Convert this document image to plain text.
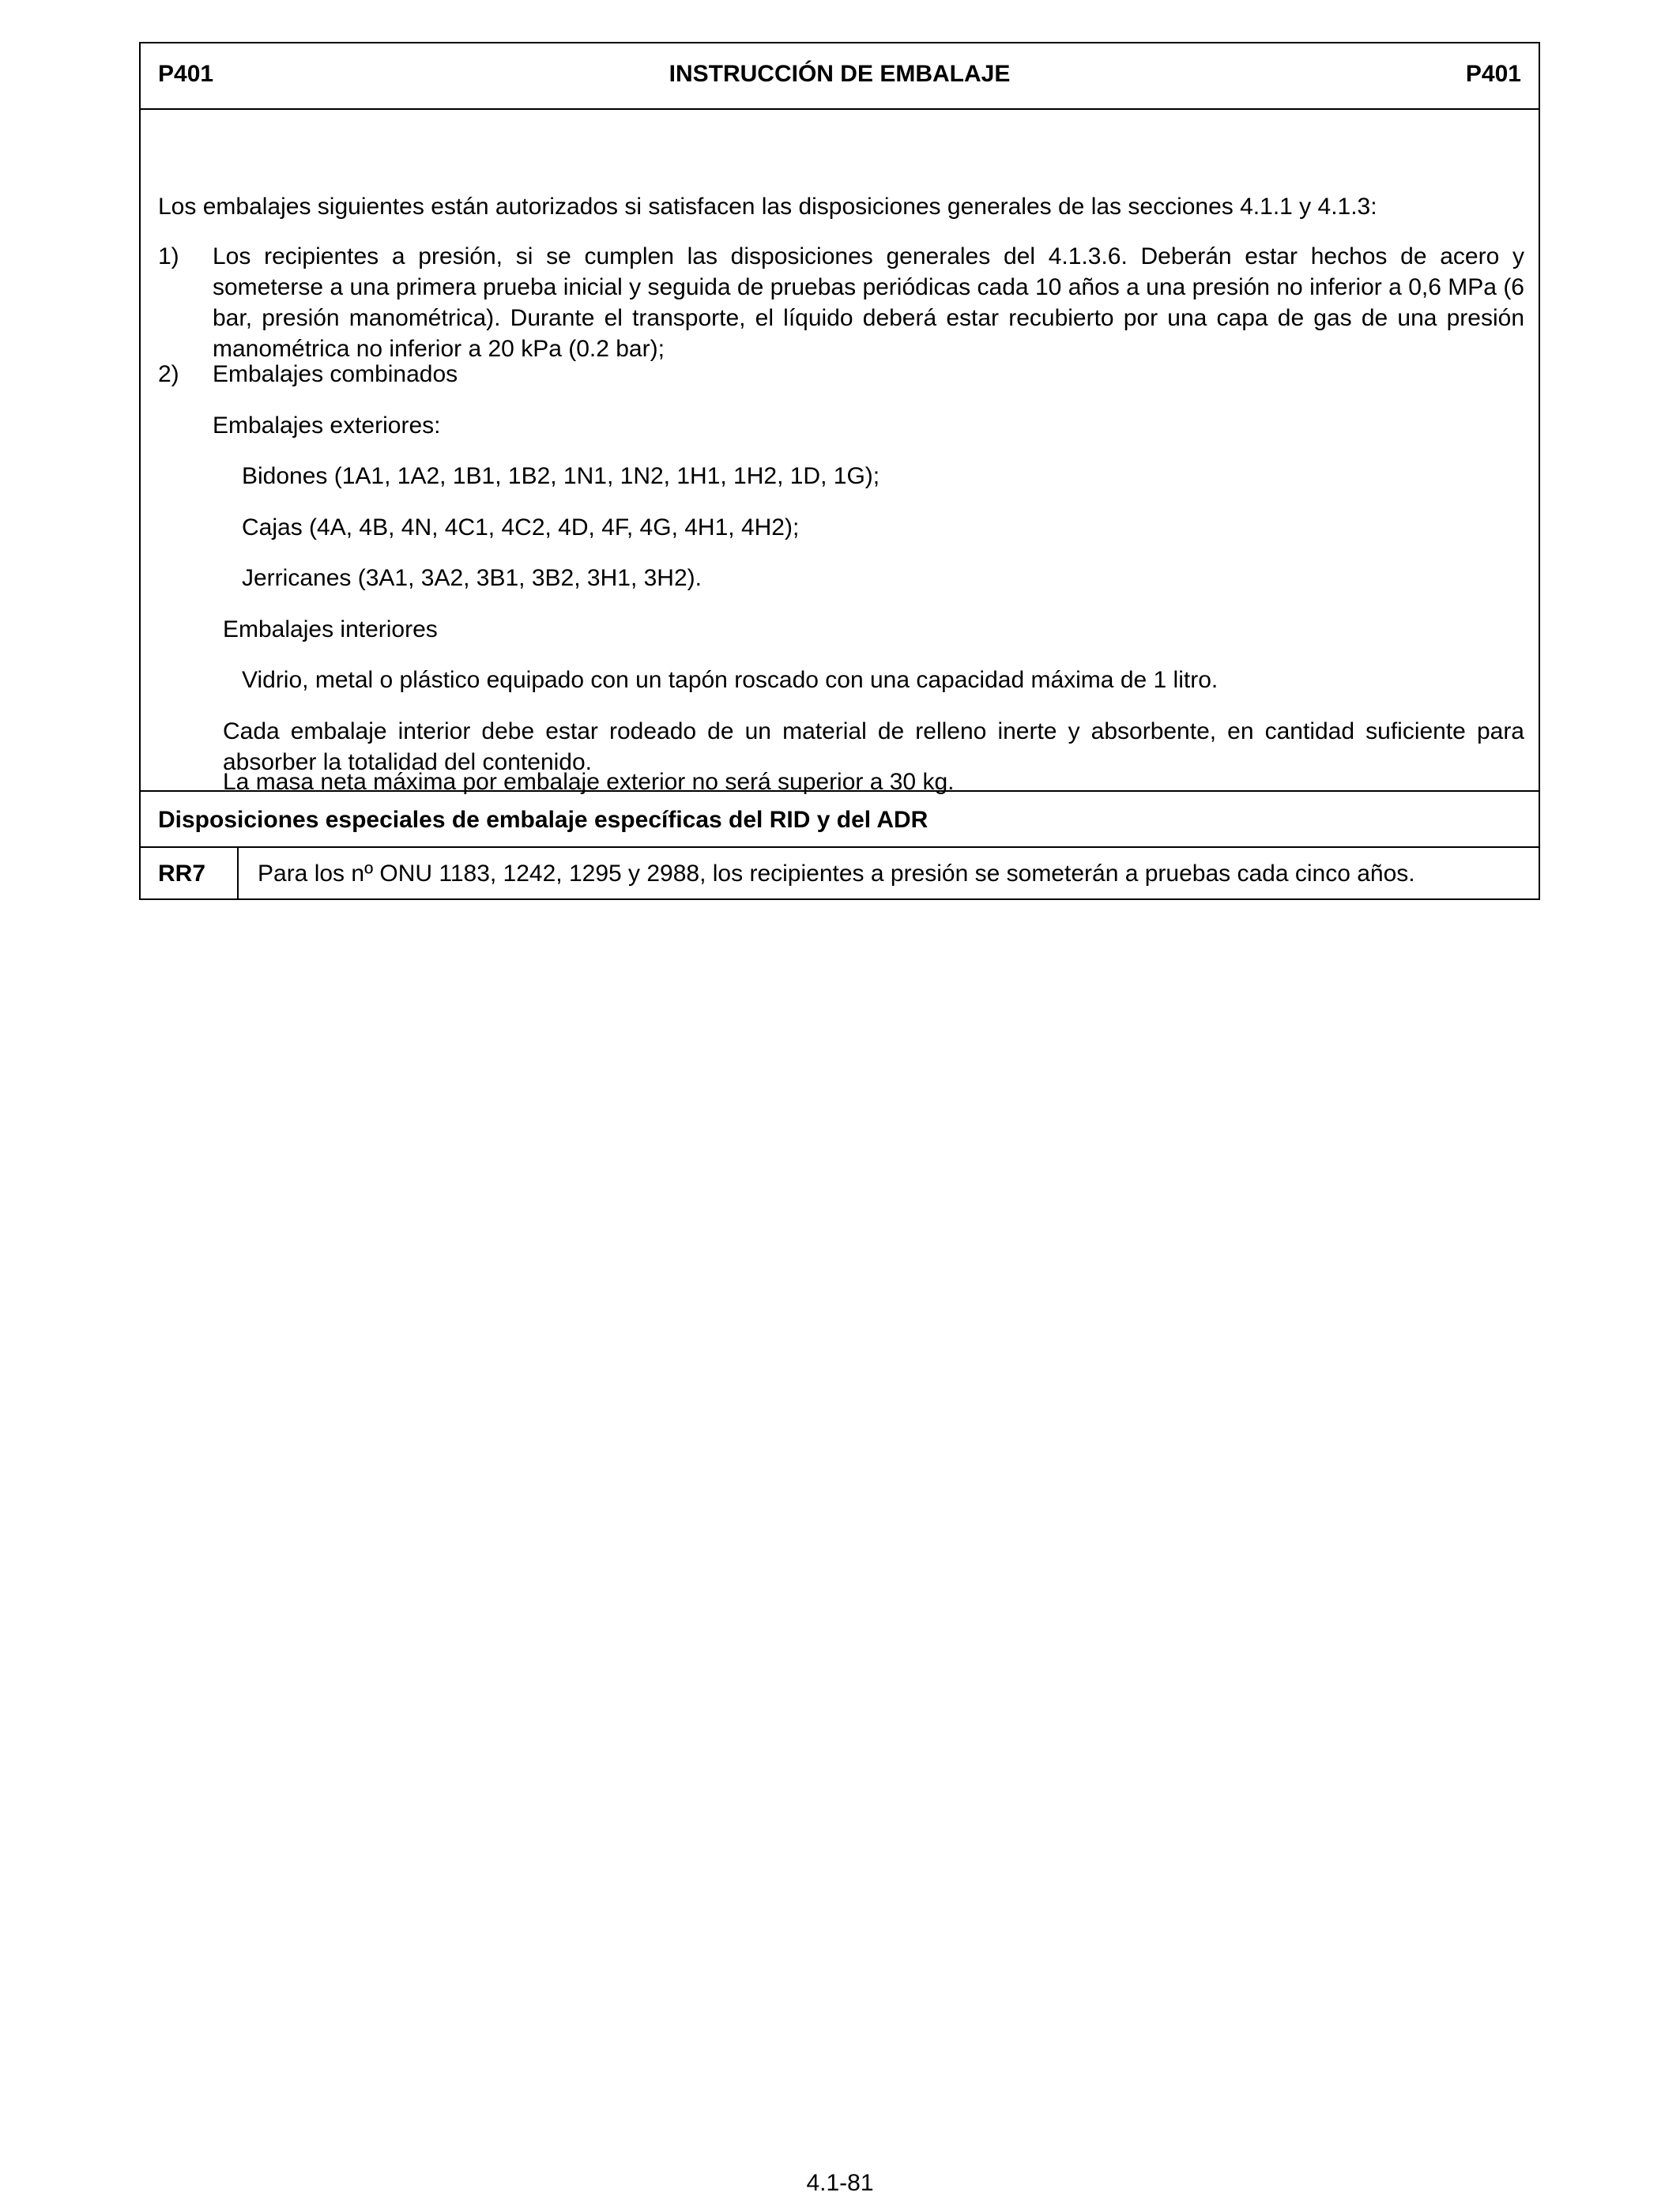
P401	INSTRUCCIÓN DE EMBALAJE	P401
Los embalajes siguientes están autorizados si satisfacen las disposiciones generales de las secciones 4.1.1 y 4.1.3:
1) Los recipientes a presión, si se cumplen las disposiciones generales del 4.1.3.6. Deberán estar hechos de acero y someterse a una primera prueba inicial y seguida de pruebas periódicas cada 10 años a una presión no inferior a 0,6 MPa (6 bar, presión manométrica). Durante el transporte, el líquido deberá estar recubierto por una capa de gas de una presión manométrica no inferior a 20 kPa (0.2 bar);
2) Embalajes combinados
Embalajes exteriores:
Bidones (1A1, 1A2, 1B1, 1B2, 1N1, 1N2, 1H1, 1H2, 1D, 1G);
Cajas (4A, 4B, 4N, 4C1, 4C2, 4D, 4F, 4G, 4H1, 4H2);
Jerricanes (3A1, 3A2, 3B1, 3B2, 3H1, 3H2).
Embalajes interiores
Vidrio, metal o plástico equipado con un tapón roscado con una capacidad máxima de 1 litro.
Cada embalaje interior debe estar rodeado de un material de relleno inerte y absorbente, en cantidad suficiente para absorber la totalidad del contenido.
La masa neta máxima por embalaje exterior no será superior a 30 kg.
Disposiciones especiales de embalaje específicas del RID y del ADR
RR7 Para los nº ONU 1183, 1242, 1295 y 2988, los recipientes a presión se someterán a pruebas cada cinco años.
4.1-81
